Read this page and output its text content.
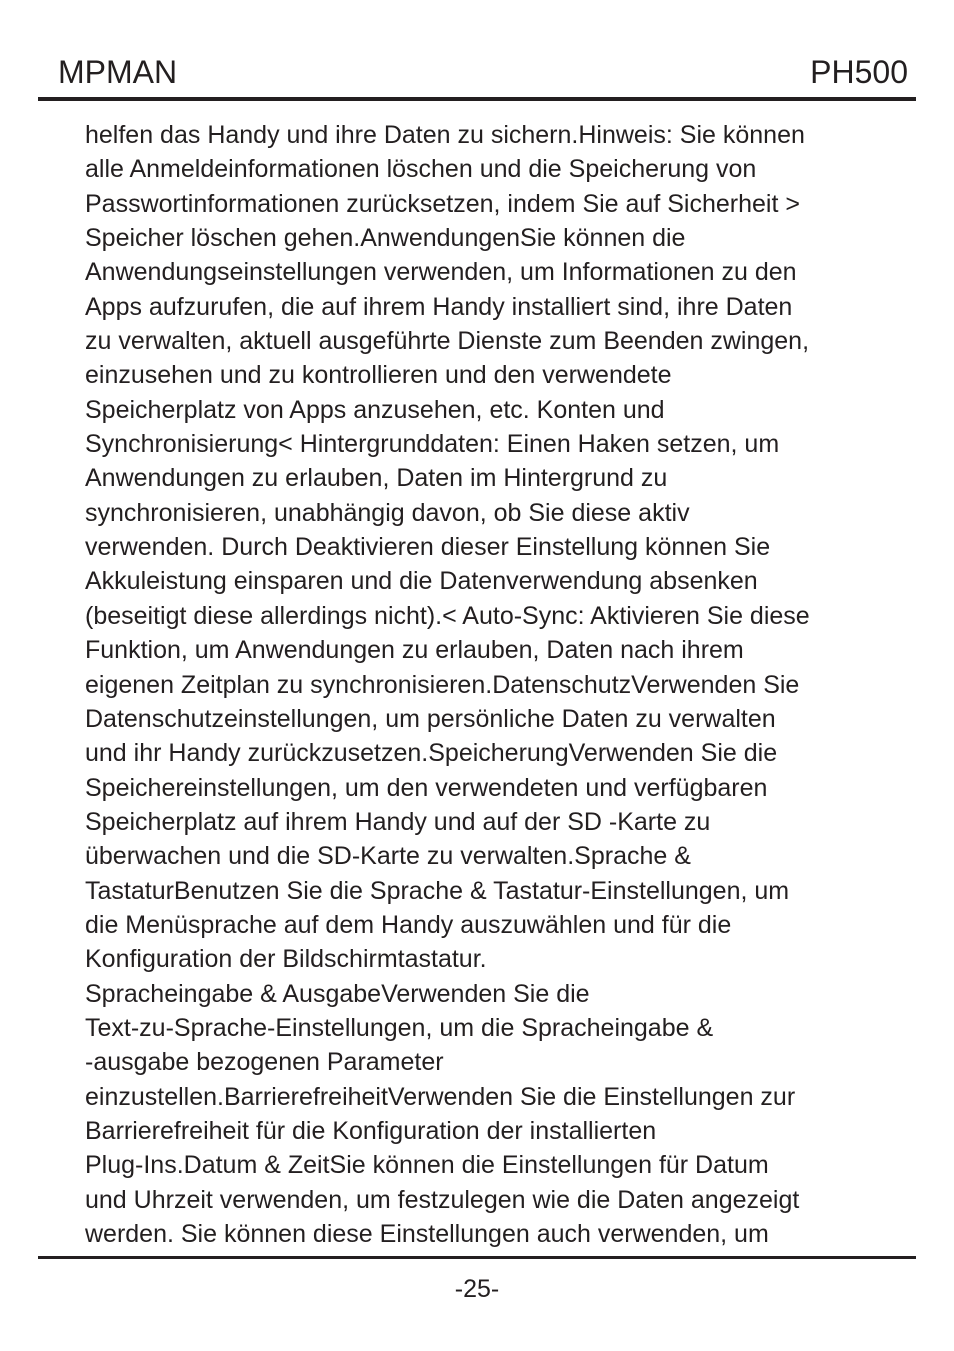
MPMAN	PH500
helfen das Handy und ihre Daten zu sichern.Hinweis: Sie können
alle Anmeldeinformationen löschen und die Speicherung von
Passwortinformationen zurücksetzen, indem Sie auf Sicherheit >
Speicher löschen gehen.AnwendungenSie können die
Anwendungseinstellungen verwenden, um Informationen zu den
Apps aufzurufen, die auf ihrem Handy installiert sind, ihre Daten
zu verwalten, aktuell ausgeführte Dienste zum Beenden zwingen,
einzusehen und zu kontrollieren und den verwendete
Speicherplatz von Apps anzusehen, etc. Konten und
Synchronisierung< Hintergrunddaten: Einen Haken setzen, um
Anwendungen zu erlauben, Daten im Hintergrund zu
synchronisieren, unabhängig davon, ob Sie diese aktiv
verwenden. Durch Deaktivieren dieser Einstellung können Sie
Akkuleistung einsparen und die Datenverwendung absenken
(beseitigt diese allerdings nicht).< Auto-Sync: Aktivieren Sie diese
Funktion, um Anwendungen zu erlauben, Daten nach ihrem
eigenen Zeitplan zu synchronisieren.DatenschutzVerwenden Sie
Datenschutzeinstellungen, um persönliche Daten zu verwalten
und ihr Handy zurückzusetzen.SpeicherungVerwenden Sie die
Speichereinstellungen, um den verwendeten und verfügbaren
Speicherplatz auf ihrem Handy und auf der SD -Karte zu
überwachen und die SD-Karte zu verwalten.Sprache &
TastaturBenutzen Sie die Sprache & Tastatur-Einstellungen, um
die Menüsprache auf dem Handy auszuwählen und für die
Konfiguration der Bildschirmtastatur.
Spracheingabe & AusgabeVerwenden Sie die
Text-zu-Sprache-Einstellungen, um die Spracheingabe &
-ausgabe bezogenen Parameter
einzustellen.BarrierefreiheitVerwenden Sie die Einstellungen zur
Barrierefreiheit für die Konfiguration der installierten
Plug-Ins.Datum & ZeitSie können die Einstellungen für Datum
und Uhrzeit verwenden, um festzulegen wie die Daten angezeigt
werden. Sie können diese Einstellungen auch verwenden, um
-25-
